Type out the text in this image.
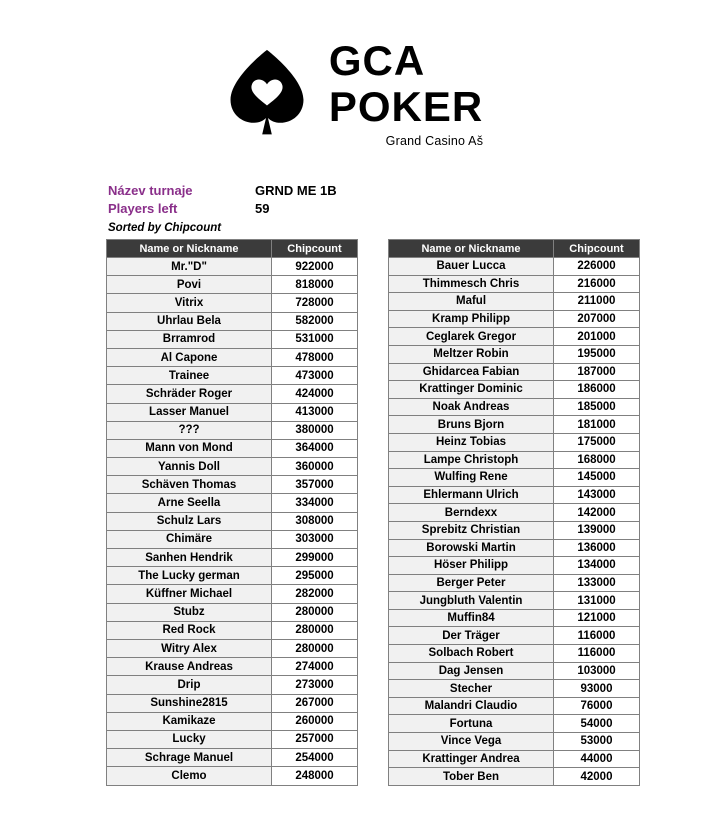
GCA
POKER
Grand Casino Aš
Název turnaje	GRND ME 1B
Players left	59
Sorted by Chipcount
Name or Nickname	Chipcount
Mr."D"	922000
Povi	818000
Vitrix	728000
Uhrlau Bela	582000
Brramrod	531000
Al Capone	478000
Trainee	473000
Schräder Roger	424000
Lasser Manuel	413000
???	380000
Mann von Mond	364000
Yannis Doll	360000
Schäven Thomas	357000
Arne Seella	334000
Schulz Lars	308000
Chimäre	303000
Sanhen Hendrik	299000
The Lucky german	295000
Küffner Michael	282000
Stubz	280000
Red Rock	280000
Witry Alex	280000
Krause Andreas	274000
Drip	273000
Sunshine2815	267000
Kamikaze	260000
Lucky	257000
Schrage Manuel	254000
Clemo	248000
Name or Nickname	Chipcount
Bauer Lucca	226000
Thimmesch Chris	216000
Maful	211000
Kramp Philipp	207000
Ceglarek Gregor	201000
Meltzer Robin	195000
Ghidarcea Fabian	187000
Krattinger Dominic	186000
Noak Andreas	185000
Bruns Bjorn	181000
Heinz Tobias	175000
Lampe Christoph	168000
Wulfing Rene	145000
Ehlermann Ulrich	143000
Berndexx	142000
Sprebitz Christian	139000
Borowski Martin	136000
Höser Philipp	134000
Berger Peter	133000
Jungbluth Valentin	131000
Muffin84	121000
Der Träger	116000
Solbach Robert	116000
Dag Jensen	103000
Stecher	93000
Malandri Claudio	76000
Fortuna	54000
Vince Vega	53000
Krattinger Andrea	44000
Tober Ben	42000
